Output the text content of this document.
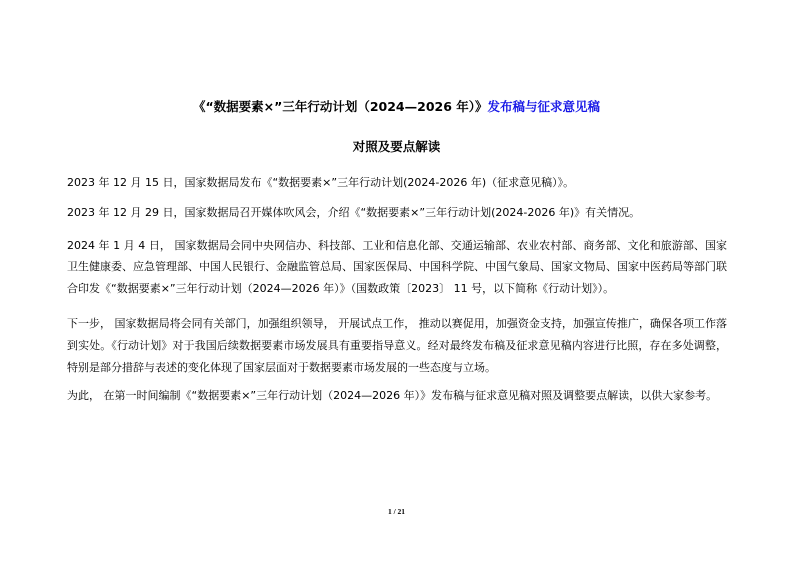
《“数据要素×”三年行动计划（2024—2026 年）》发布稿与征求意见稿
对照及要点解读

2023 年 12 月 15 日，国家数据局发布《“数据要素×”三年行动计划(2024-2026 年)（征求意见稿）》。

2023 年 12 月 29 日，国家数据局召开媒体吹风会，介绍《“数据要素×”三年行动计划(2024-2026 年)》有关情况。

2024 年 1 月 4 日， 国家数据局会同中央网信办、科技部、工业和信息化部、交通运输部、农业农村部、商务部、文化和旅游部、国家卫生健康委、应急管理部、中国人民银行、金融监管总局、国家医保局、中国科学院、中国气象局、国家文物局、国家中医药局等部门联合印发《“数据要素×”三年行动计划（2024—2026 年）》（国数政策〔2023〕 11 号，以下简称《行动计划》）。

下一步， 国家数据局将会同有关部门，加强组织领导， 开展试点工作， 推动以赛促用，加强资金支持，加强宣传推广，确保各项工作落到实处。《行动计划》对于我国后续数据要素市场发展具有重要指导意义。经对最终发布稿及征求意见稿内容进行比照，存在多处调整，特别是部分措辞与表述的变化体现了国家层面对于数据要素市场发展的一些态度与立场。

为此， 在第一时间编制《“数据要素×”三年行动计划（2024—2026 年）》发布稿与征求意见稿对照及调整要点解读，以供大家参考。

1 / 21
